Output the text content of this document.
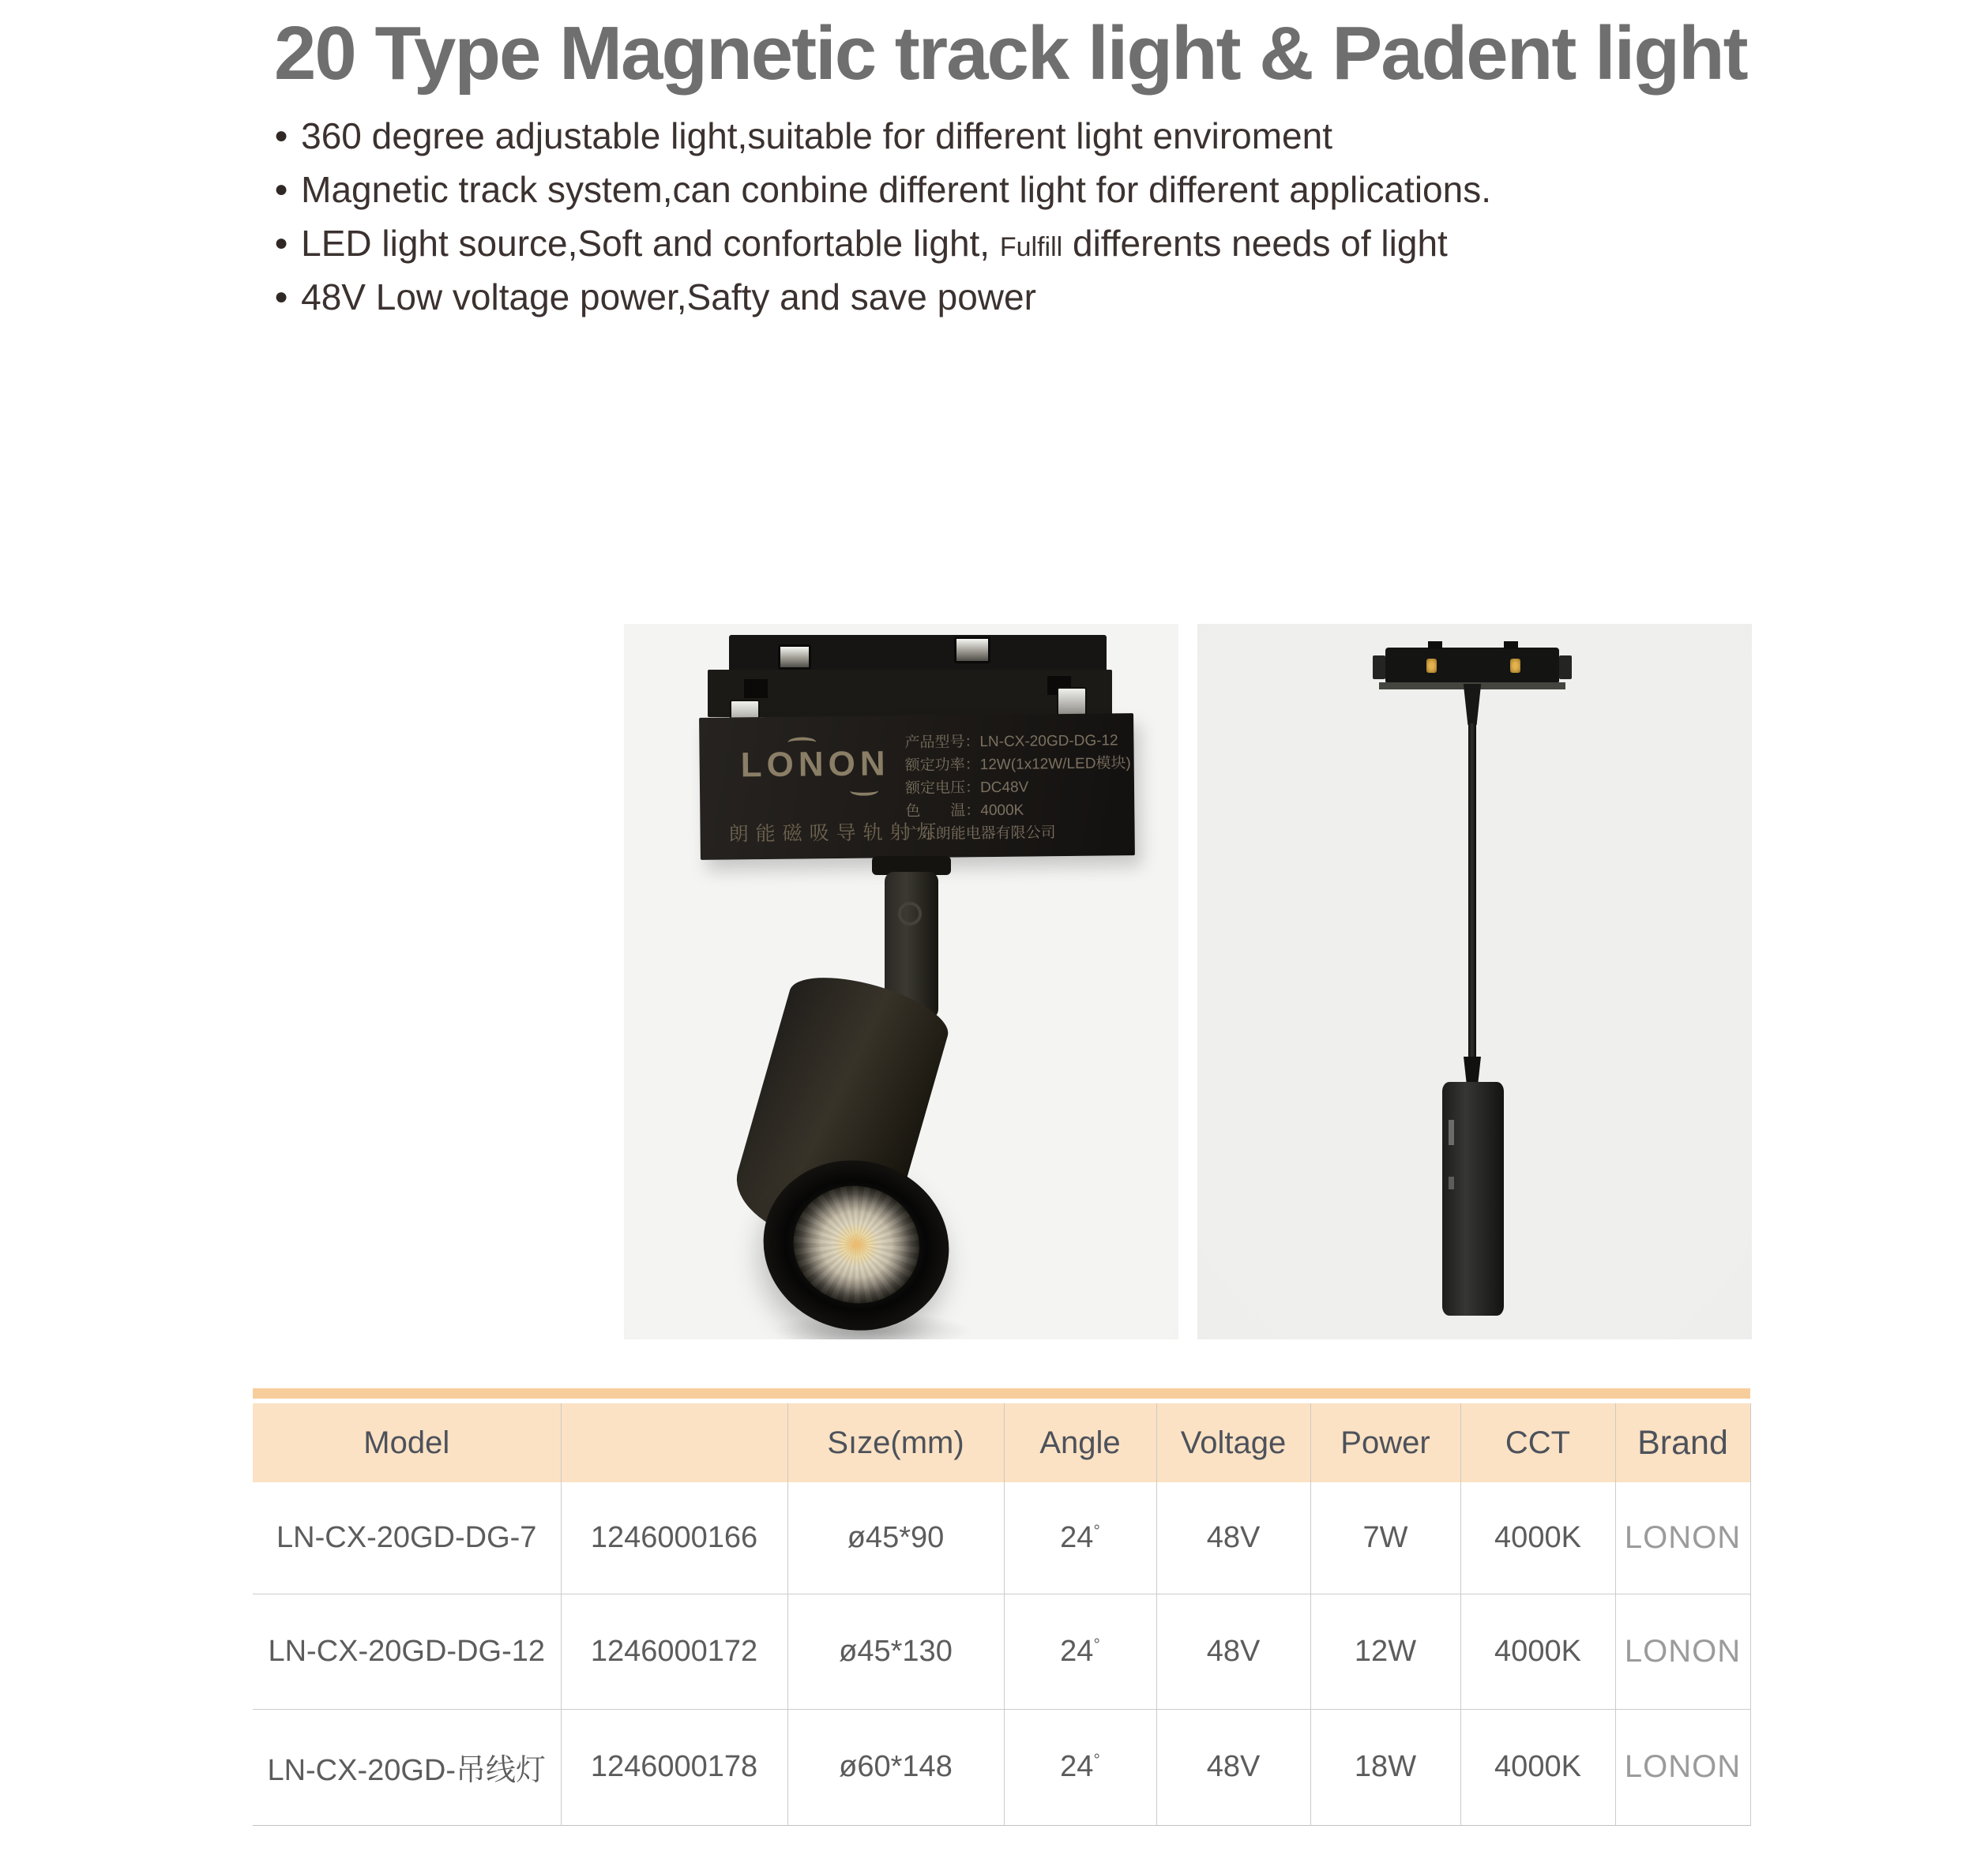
20 Type Magnetic track light & Padent light
● 360 degree adjustable light,suitable for different light enviroment
● Magnetic track system,can conbine different light for different applications.
● LED light source,Soft and confortable light, Fulfill differents needs of light
● 48V Low voltage power,Safty and save power
LONON
朗能磁吸导轨射灯
产品型号：LN-CX-20GD-DG-12
额定功率：12W(1x12W/LED模块)
额定电压：DC48V
色　　温：4000K
广东朗能电器有限公司
Model		Sıze(mm)	Angle	Voltage	Power	CCT	Brand
LN-CX-20GD-DG-7	1246000166	ø45*90	24°	48V	7W	4000K	LONON
LN-CX-20GD-DG-12	1246000172	ø45*130	24°	48V	12W	4000K	LONON
LN-CX-20GD-吊线灯	1246000178	ø60*148	24°	48V	18W	4000K	LONON
